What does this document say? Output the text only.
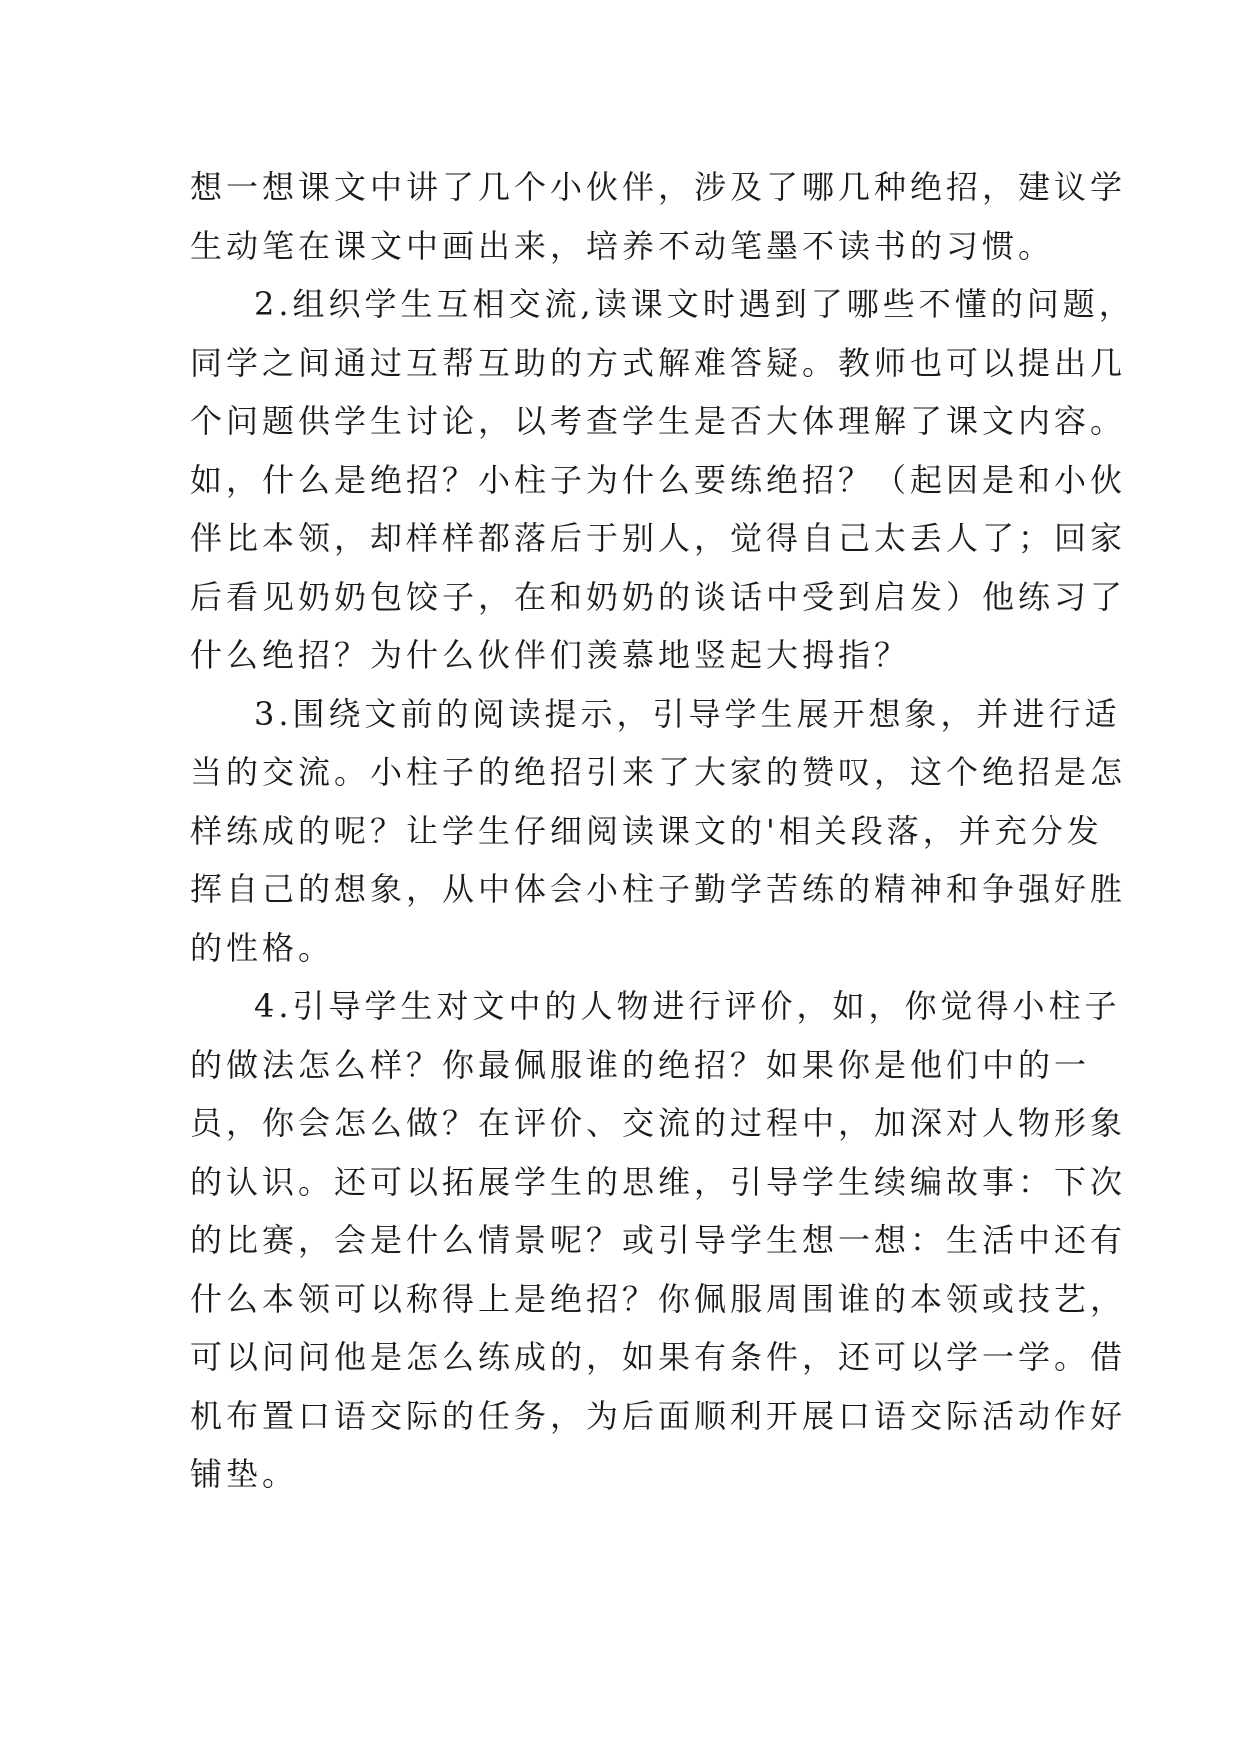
想一想课文中讲了几个小伙伴，涉及了哪几种绝招，建议学
生动笔在课文中画出来，培养不动笔墨不读书的习惯。
2.组织学生互相交流,读课文时遇到了哪些不懂的问题，
同学之间通过互帮互助的方式解难答疑。教师也可以提出几
个问题供学生讨论，以考查学生是否大体理解了课文内容。
如，什么是绝招？小柱子为什么要练绝招？（起因是和小伙
伴比本领，却样样都落后于别人，觉得自己太丢人了；回家
后看见奶奶包饺子，在和奶奶的谈话中受到启发）他练习了
什么绝招？为什么伙伴们羡慕地竖起大拇指？
3.围绕文前的阅读提示，引导学生展开想象，并进行适
当的交流。小柱子的绝招引来了大家的赞叹，这个绝招是怎
样练成的呢？让学生仔细阅读课文的'相关段落，并充分发
挥自己的想象，从中体会小柱子勤学苦练的精神和争强好胜
的性格。
4.引导学生对文中的人物进行评价，如，你觉得小柱子
的做法怎么样？你最佩服谁的绝招？如果你是他们中的一
员，你会怎么做？在评价、交流的过程中，加深对人物形象
的认识。还可以拓展学生的思维，引导学生续编故事：下次
的比赛，会是什么情景呢？或引导学生想一想：生活中还有
什么本领可以称得上是绝招？你佩服周围谁的本领或技艺，
可以问问他是怎么练成的，如果有条件，还可以学一学。借
机布置口语交际的任务，为后面顺利开展口语交际活动作好
铺垫。
